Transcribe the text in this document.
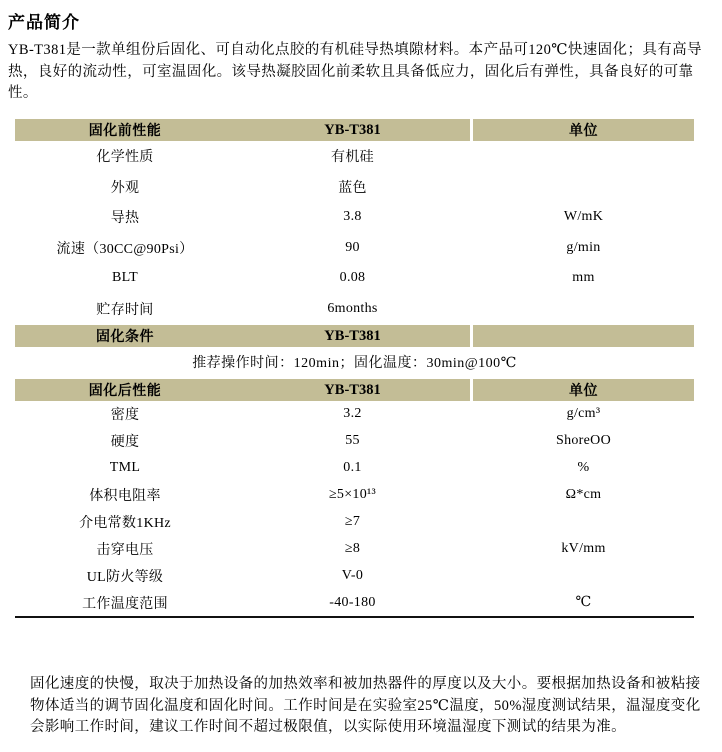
产品简介

YB-T381是一款单组份后固化、可自动化点胶的有机硅导热填隙材料。本产品可120℃快速固化；具有高导热，良好的流动性，可室温固化。该导热凝胶固化前柔软且具备低应力，固化后有弹性，具备良好的可靠性。

固化前性能	YB-T381	单位
化学性质	有机硅
外观	蓝色
导热	3.8	W/mK
流速（30CC@90Psi）	90	g/min
BLT	0.08	mm
贮存时间	6months
固化条件	YB-T381
推荐操作时间：120min；固化温度：30min@100℃
固化后性能	YB-T381	单位
密度	3.2	g/cm³
硬度	55	ShoreOO
TML	0.1	%
体积电阻率	≥5×10¹³	Ω*cm
介电常数1KHz	≥7
击穿电压	≥8	kV/mm
UL防火等级	V-0
工作温度范围	-40-180	℃

固化速度的快慢，取决于加热设备的加热效率和被加热器件的厚度以及大小。要根据加热设备和被粘接物体适当的调节固化温度和固化时间。工作时间是在实验室25℃温度，50%湿度测试结果，温湿度变化会影响工作时间，建议工作时间不超过极限值，以实际使用环境温湿度下测试的结果为准。
